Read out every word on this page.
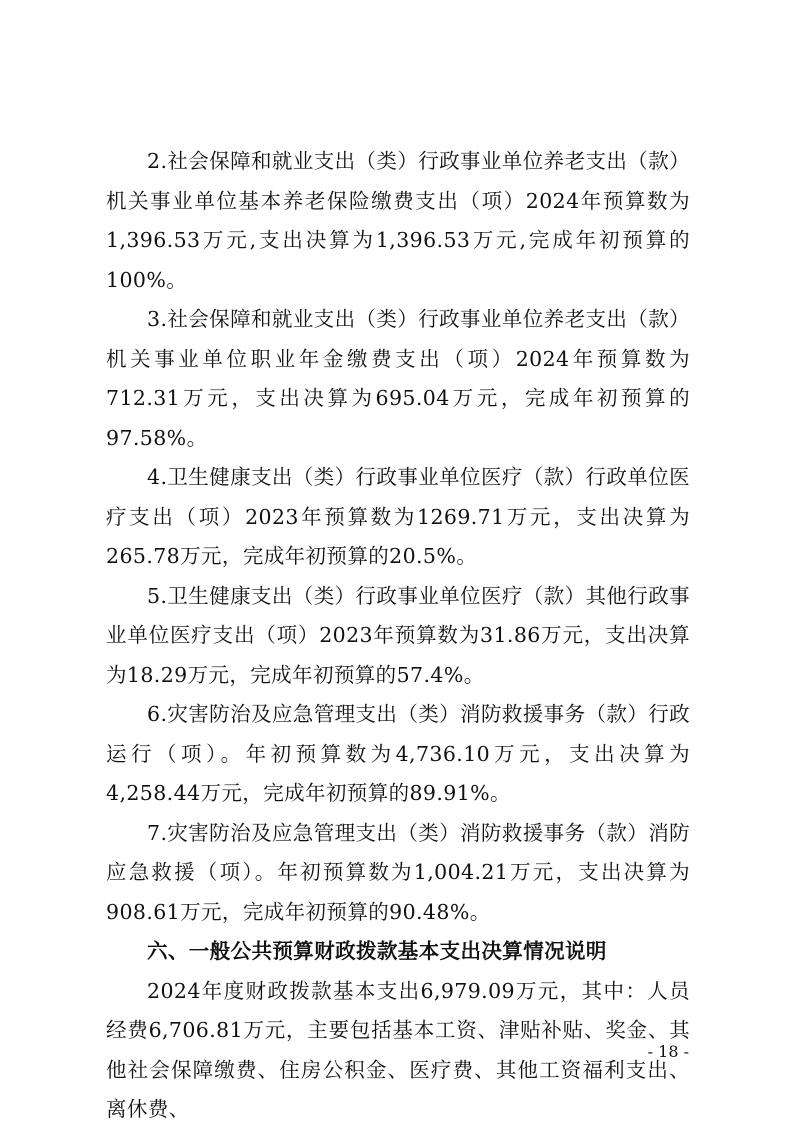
2.社会保障和就业支出（类）行政事业单位养老支出（款）机关事业单位基本养老保险缴费支出（项）2024年预算数为1,396.53万元,支出决算为1,396.53万元,完成年初预算的100%。

3.社会保障和就业支出（类）行政事业单位养老支出（款）机关事业单位职业年金缴费支出（项）2024年预算数为712.31万元，支出决算为695.04万元，完成年初预算的97.58%。

4.卫生健康支出（类）行政事业单位医疗（款）行政单位医疗支出（项）2023年预算数为1269.71万元，支出决算为265.78万元，完成年初预算的20.5%。

5.卫生健康支出（类）行政事业单位医疗（款）其他行政事业单位医疗支出（项）2023年预算数为31.86万元，支出决算为18.29万元，完成年初预算的57.4%。

6.灾害防治及应急管理支出（类）消防救援事务（款）行政运行（项）。年初预算数为4,736.10万元，支出决算为4,258.44万元，完成年初预算的89.91%。

7.灾害防治及应急管理支出（类）消防救援事务（款）消防应急救援（项）。年初预算数为1,004.21万元，支出决算为908.61万元，完成年初预算的90.48%。

六、一般公共预算财政拨款基本支出决算情况说明

2024年度财政拨款基本支出6,979.09万元，其中：人员经费6,706.81万元，主要包括基本工资、津贴补贴、奖金、其他社会保障缴费、住房公积金、医疗费、其他工资福利支出、离休费、

- 18 -
